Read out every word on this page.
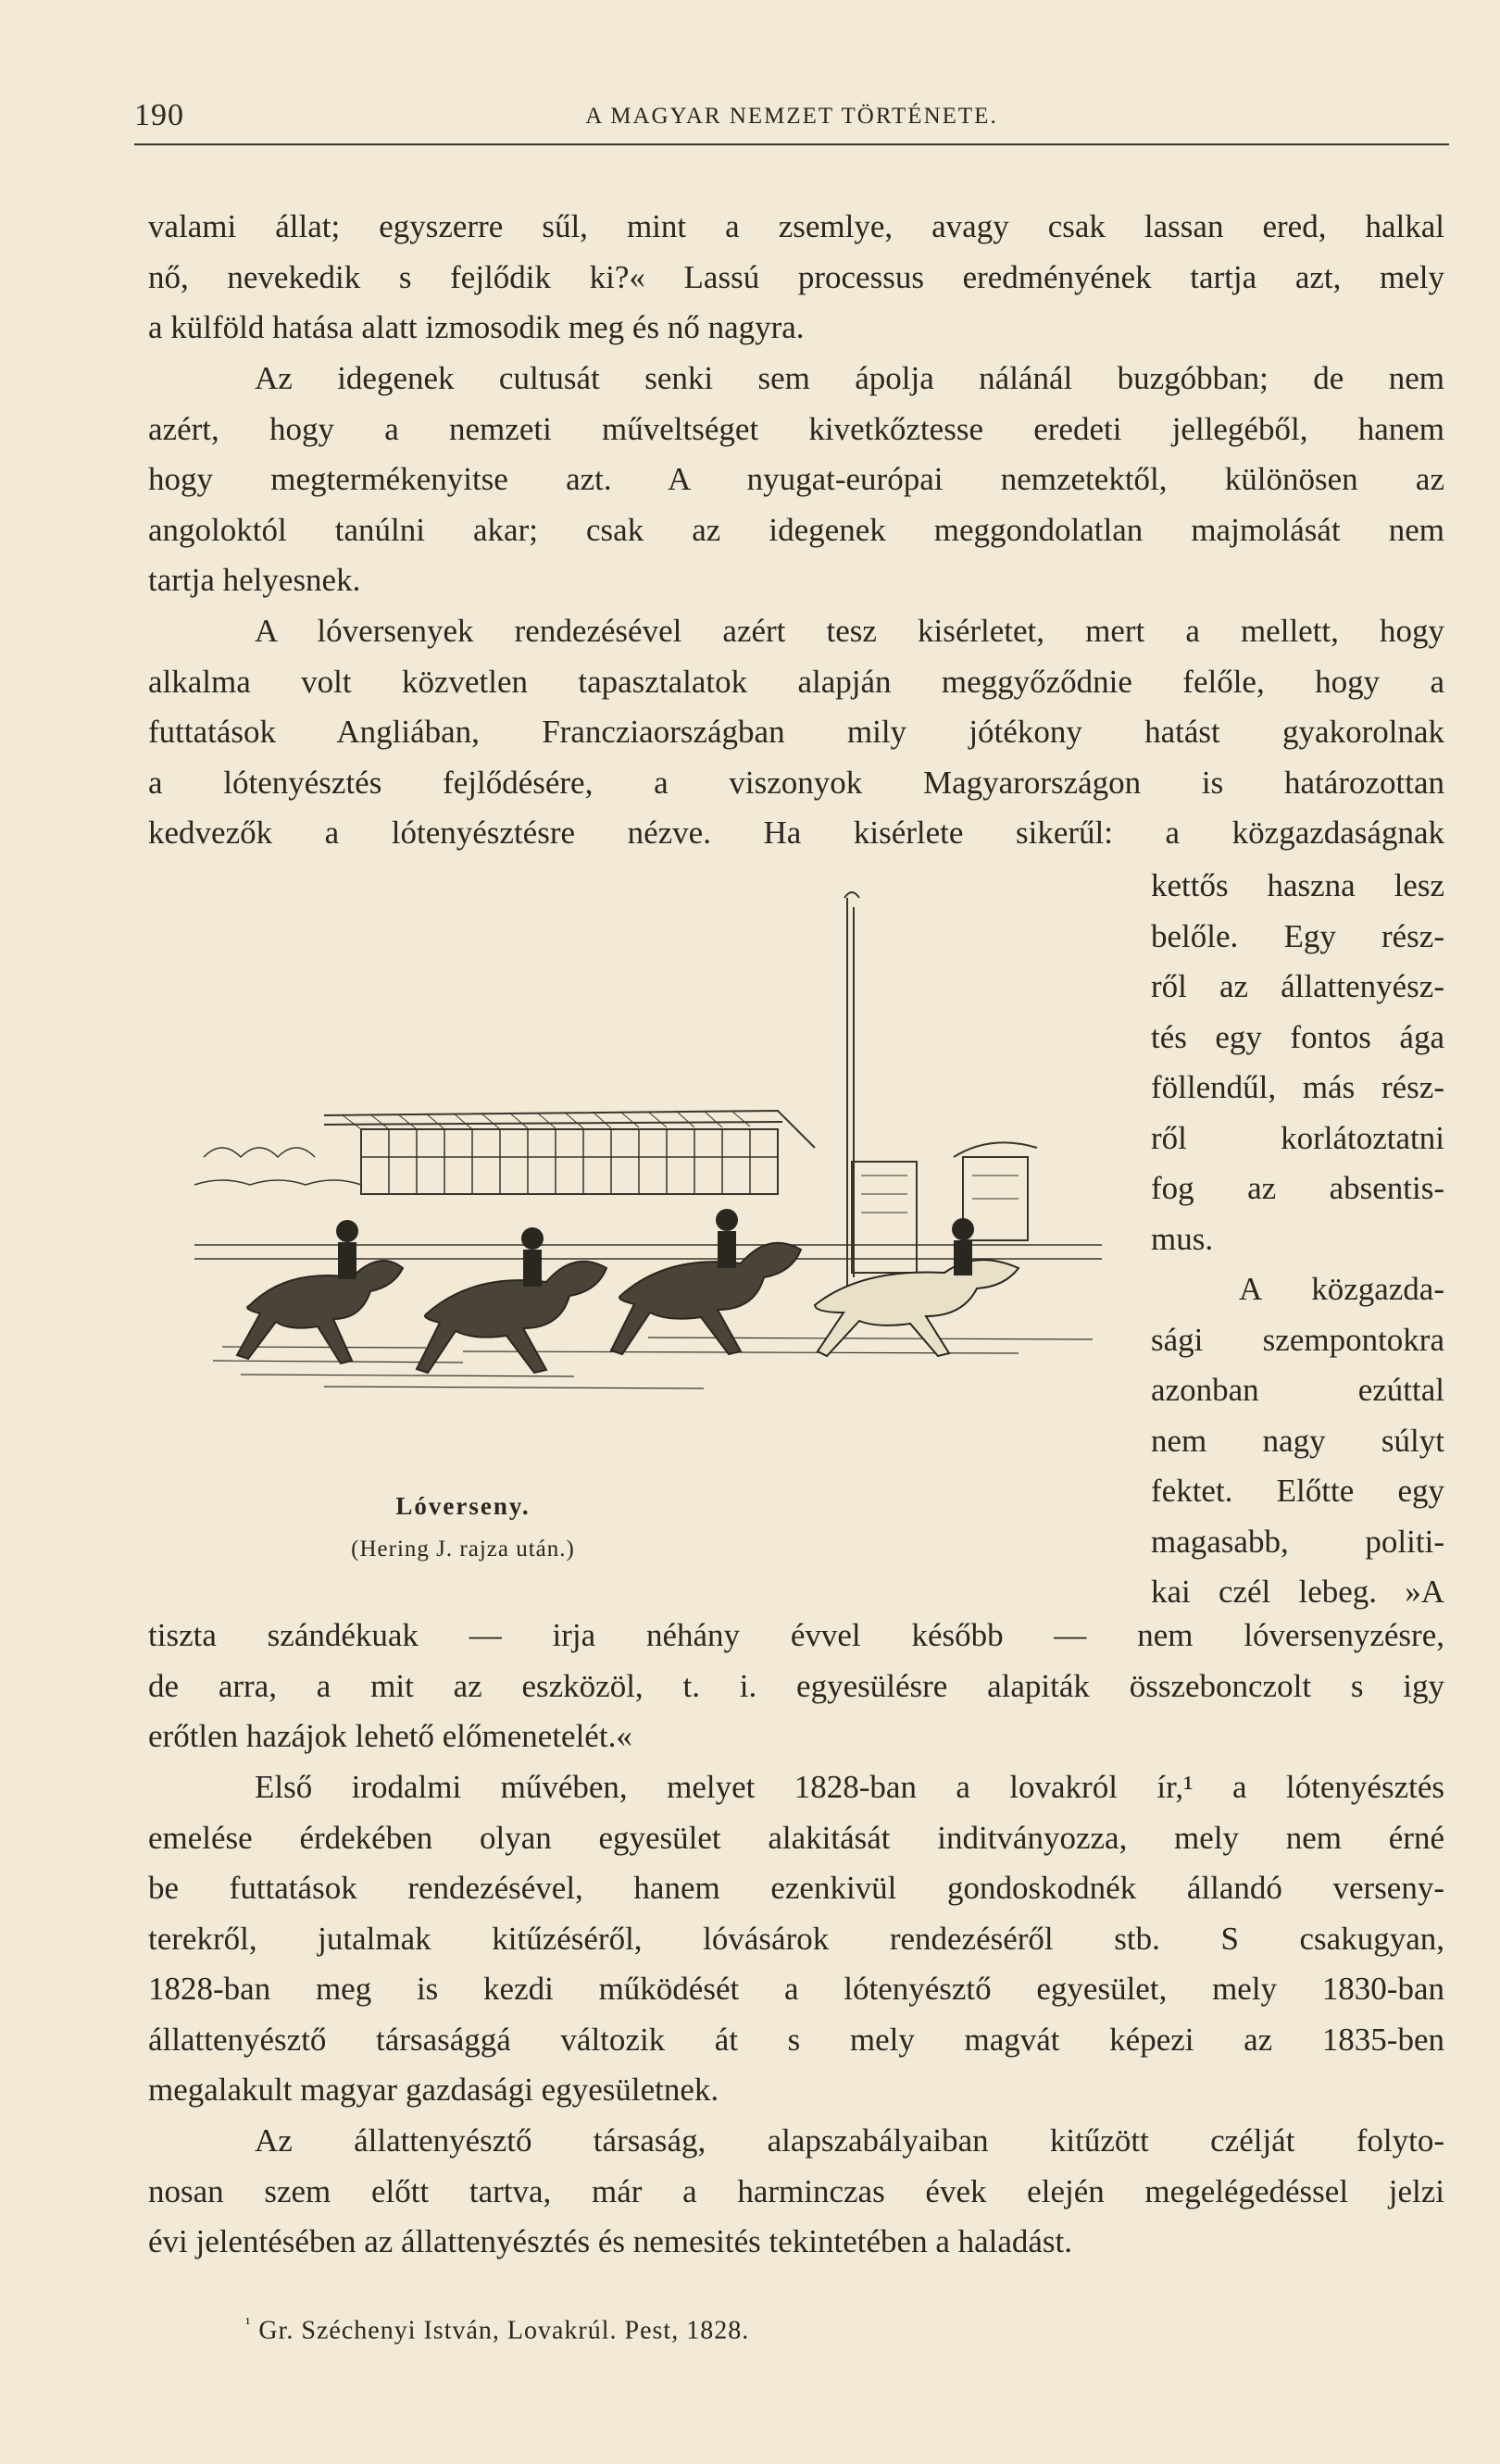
190	A MAGYAR NEMZET TÖRTÉNETE.

valami állat; egyszerre sűl, mint a zsemlye, avagy csak lassan ered, halkal
nő, nevekedik s fejlődik ki?« Lassú processus eredményének tartja azt, mely
a külföld hatása alatt izmosodik meg és nő nagyra.

Az idegenek cultusát senki sem ápolja nálánál buzgóbban; de nem
azért, hogy a nemzeti műveltséget kivetkőztesse eredeti jellegéből, hanem
hogy megtermékenyitse azt. A nyugat-európai nemzetektől, különösen az
angoloktól tanúlni akar; csak az idegenek meggondolatlan majmolását nem
tartja helyesnek.

A lóversenyek rendezésével azért tesz kisérletet, mert a mellett, hogy
alkalma volt közvetlen tapasztalatok alapján meggyőződnie felőle, hogy a
futtatások Angliában, Francziaországban mily jótékony hatást gyakorolnak
a lótenyésztés fejlődésére, a viszonyok Magyarországon is határozottan
kedvezők a lótenyésztésre nézve. Ha kisérlete sikerűl: a közgazdaságnak

kettős haszna lesz
belőle. Egy rész-
ről az állattenyész-
tés egy fontos ága
föllendűl, más rész-
ről korlátoztatni
fog az absentis-
mus.
A közgazda-
sági szempontokra
azonban ezúttal
nem nagy súlyt
fektet. Előtte egy
magasabb, politi-
kai czél lebeg. »A

Lóverseny.
(Hering J. rajza után.)

tiszta szándékuak — irja néhány évvel később — nem lóversenyzésre,
de arra, a mit az eszközöl, t. i. egyesülésre alapiták összebonczolt s igy
erőtlen hazájok lehető előmenetelét.«

Első irodalmi művében, melyet 1828-ban a lovakról ír,¹ a lótenyésztés
emelése érdekében olyan egyesület alakitását inditványozza, mely nem érné
be futtatások rendezésével, hanem ezenkivül gondoskodnék állandó verseny-
terekről, jutalmak kitűzéséről, lóvásárok rendezéséről stb. S csakugyan,
1828-ban meg is kezdi működését a lótenyésztő egyesület, mely 1830-ban
állattenyésztő társasággá változik át s mely magvát képezi az 1835-ben
megalakult magyar gazdasági egyesületnek.

Az állattenyésztő társaság, alapszabályaiban kitűzött czélját folyto-
nosan szem előtt tartva, már a harminczas évek elején megelégedéssel jelzi
évi jelentésében az állattenyésztés és nemesités tekintetében a haladást.

$^{^1}$ Gr. Széchenyi István, Lovakrúl. Pest, 1828.
